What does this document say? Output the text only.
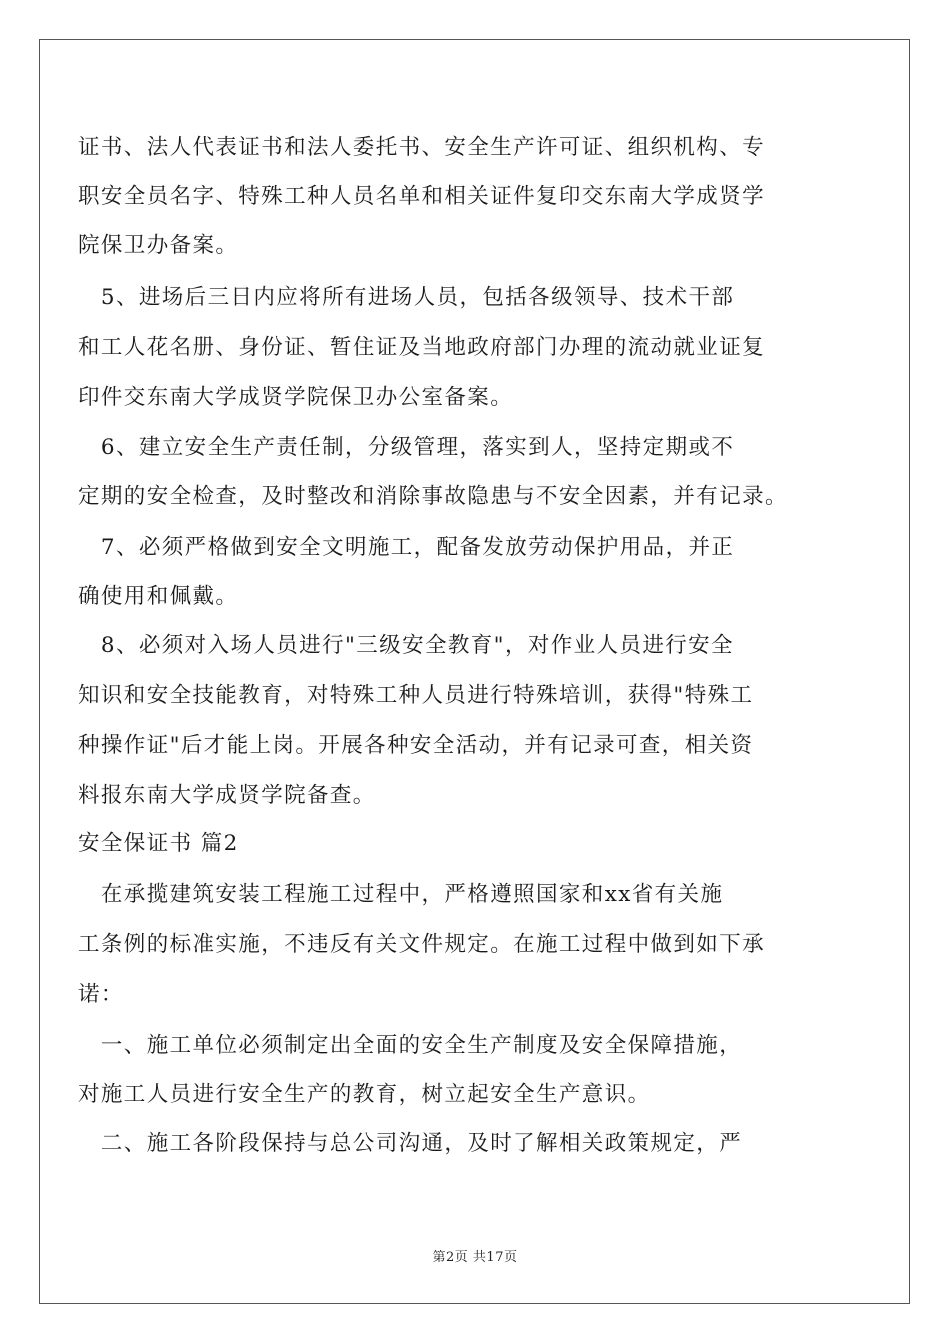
证书、法人代表证书和法人委托书、安全生产许可证、组织机构、专
职安全员名字、特殊工种人员名单和相关证件复印交东南大学成贤学
院保卫办备案。
　5、进场后三日内应将所有进场人员，包括各级领导、技术干部
和工人花名册、身份证、暂住证及当地政府部门办理的流动就业证复
印件交东南大学成贤学院保卫办公室备案。
　6、建立安全生产责任制，分级管理，落实到人，坚持定期或不
定期的安全检查，及时整改和消除事故隐患与不安全因素，并有记录。
　7、必须严格做到安全文明施工，配备发放劳动保护用品，并正
确使用和佩戴。
　8、必须对入场人员进行"三级安全教育"，对作业人员进行安全
知识和安全技能教育，对特殊工种人员进行特殊培训，获得"特殊工
种操作证"后才能上岗。开展各种安全活动，并有记录可查，相关资
料报东南大学成贤学院备查。
安全保证书 篇2
　在承揽建筑安装工程施工过程中，严格遵照国家和xx省有关施
工条例的标准实施，不违反有关文件规定。在施工过程中做到如下承
诺：
　一、施工单位必须制定出全面的安全生产制度及安全保障措施，
对施工人员进行安全生产的教育，树立起安全生产意识。
　二、施工各阶段保持与总公司沟通，及时了解相关政策规定，严
第2页 共17页
